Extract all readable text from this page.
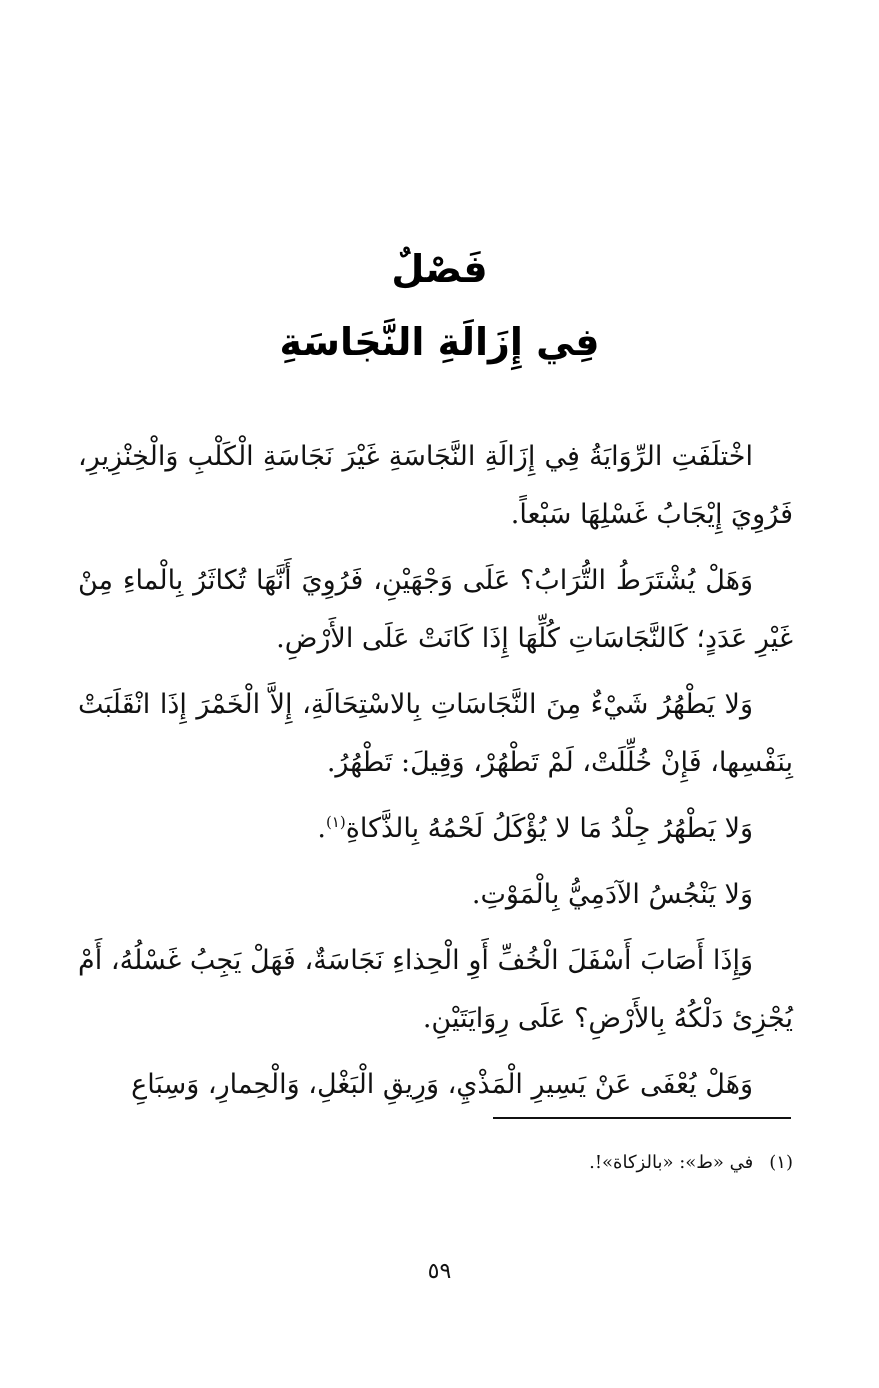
فَصْلٌ
فِي إِزَالَةِ النَّجَاسَةِ

اخْتلَفَتِ الرِّوَايَةُ فِي إِزَالَةِ النَّجَاسَةِ غَيْرَ نَجَاسَةِ الْكَلْبِ وَالْخِنْزِيرِ، فَرُوِيَ إِيْجَابُ غَسْلِهَا سَبْعاً.

وَهَلْ يُشْتَرَطُ التُّرَابُ؟ عَلَى وَجْهَيْنِ، فَرُوِيَ أَنَّهَا تُكاثَرُ بِالْماءِ مِنْ غَيْرِ عَدَدٍ؛ كَالنَّجَاسَاتِ كُلِّهَا إِذَا كَانَتْ عَلَى الأَرْضِ.

وَلا يَطْهُرُ شَيْءٌ مِنَ النَّجَاسَاتِ بِالاسْتِحَالَةِ، إِلاَّ الْخَمْرَ إِذَا انْقَلَبَتْ بِنَفْسِها، فَإِنْ خُلِّلَتْ، لَمْ تَطْهُرْ، وَقِيلَ: تَطْهُرُ.

وَلا يَطْهُرُ جِلْدُ مَا لا يُؤْكَلُ لَحْمُهُ بِالذَّكاةِ$^{(١)}$.

وَلا يَنْجُسُ الآدَمِيُّ بِالْمَوْتِ.

وَإِذَا أَصَابَ أَسْفَلَ الْخُفِّ أَوِ الْحِذاءِ نَجَاسَةٌ، فَهَلْ يَجِبُ غَسْلُهُ، أَمْ يُجْزِئ دَلْكُهُ بِالأَرْضِ؟ عَلَى رِوَايَتَيْنِ.

وَهَلْ يُعْفَى عَنْ يَسِيرِ الْمَذْيِ، وَرِيقِ الْبَغْلِ، وَالْحِمارِ، وَسِبَاعِ

(١)في «ط»: «بالزكاة»!.
٥٩
